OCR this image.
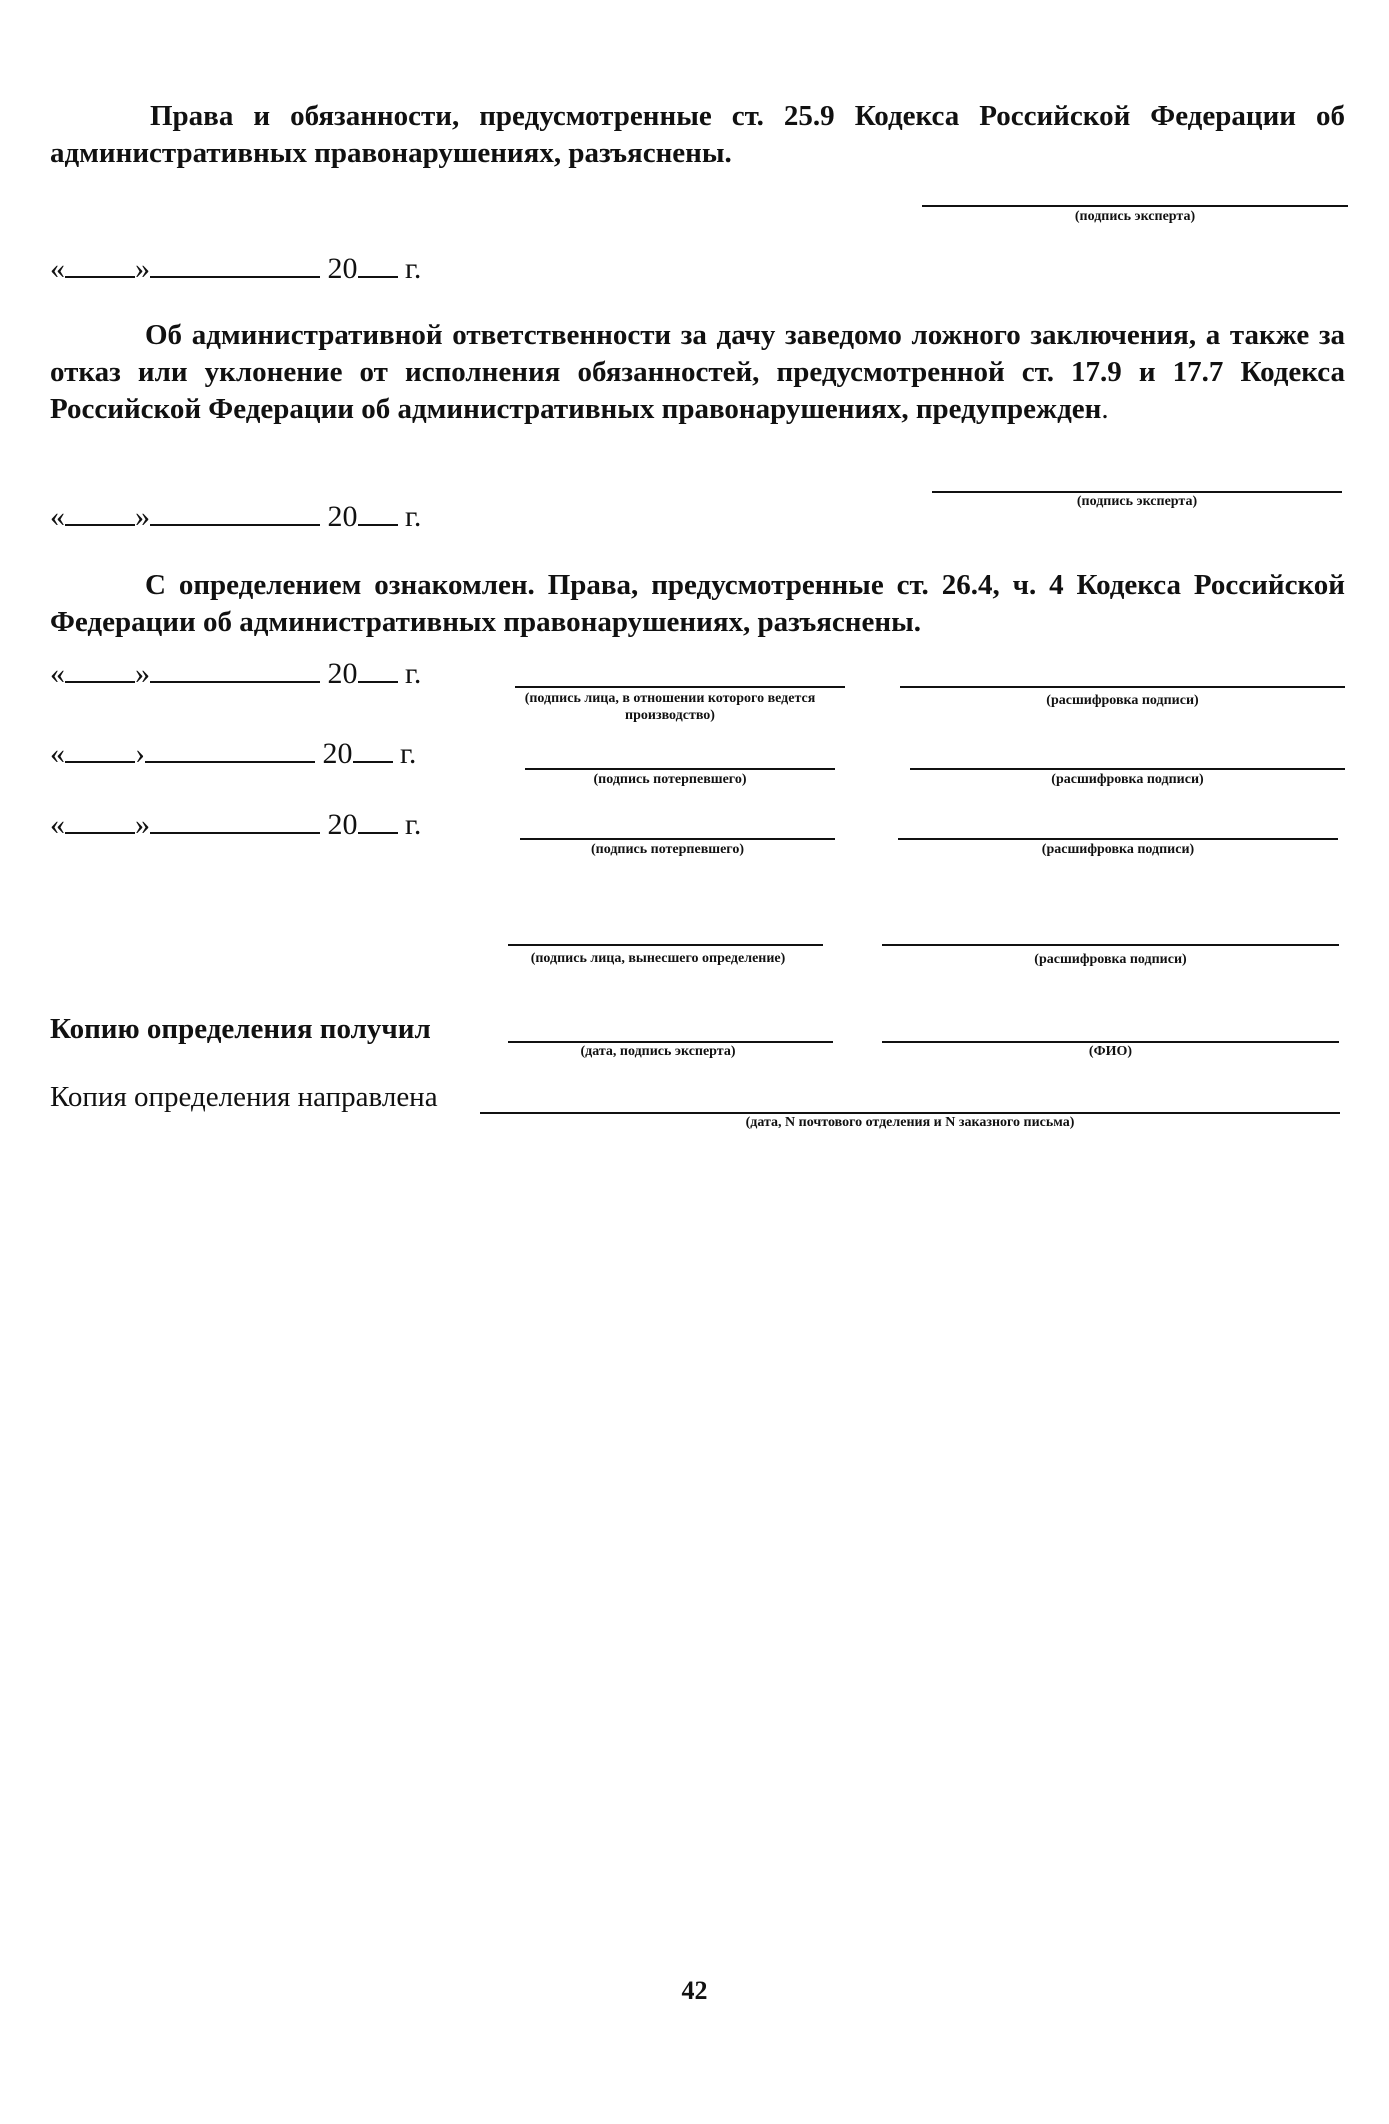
Права и обязанности, предусмотренные ст. 25.9 Кодекса Российской Федерации об административных правонарушениях, разъяснены.

(подпись эксперта)
« »	20 г.

Об административной ответственности за дачу заведомо ложного заключения, а также за отказ или уклонение от исполнения обязанностей, предусмотренной ст. 17.9 и 17.7 Кодекса Российской Федерации об административных правонарушениях, предупрежден.

(подпись эксперта)
« »	20 г.

С определением ознакомлен. Права, предусмотренные ст. 26.4, ч. 4 Кодекса Российской Федерации об административных правонарушениях, разъяснены.

« »	20 г.
(подпись лица, в отношении которого ведется производство)
(расшифровка подписи)
« ›	20 г.
(подпись потерпевшего)	(расшифровка подписи)
« »	20 г.
(подпись потерпевшего)	(расшифровка подписи)
(подпись лица, вынесшего определение)	(расшифровка подписи)
Копию определения получил
(дата, подпись эксперта)	(ФИО)
Копия определения направлена
(дата, N почтового отделения и N заказного письма)
42
